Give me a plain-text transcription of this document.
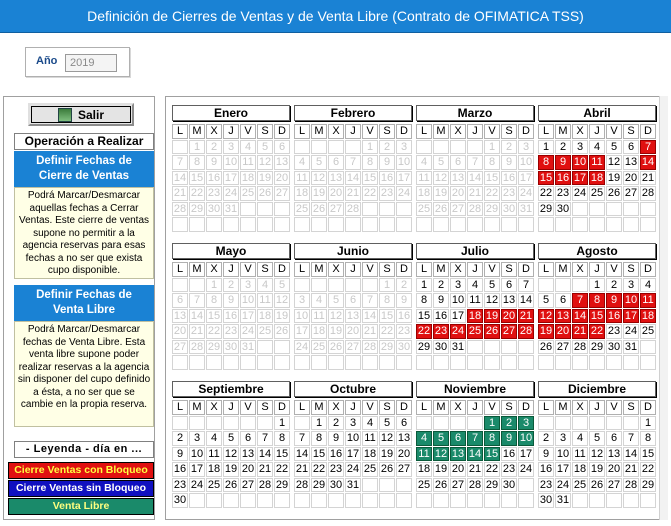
Definición de Cierres de Ventas y de Venta Libre (Contrato de OFIMATICA TSS)
Año	2019
Salir
Operación a Realizar
Definir Fechas de
Cierre de Ventas
Podrá Marcar/Desmarcar aquellas fechas a Cerrar Ventas. Este cierre de ventas supone no permitir a la agencia reservas para esas fechas a no ser que exista cupo disponible.
Definir Fechas de
Venta Libre
Podrá Marcar/Desmarcar fechas de Venta Libre. Esta venta libre supone poder realizar reservas a la agencia sin disponer del cupo definido a ésta, a no ser que se cambie en la propia reserva.
- Leyenda - día en ...
Cierre Ventas con Bloqueo
Cierre Ventas sin Bloqueo
Venta Libre
Enero
L M X J V S D
1 2 3 4 5 6
7 8 9 10 11 12 13
14 15 16 17 18 19 20
21 22 23 24 25 26 27
28 29 30 31
Febrero
L M X J V S D
1 2 3
4 5 6 7 8 9 10
11 12 13 14 15 16 17
18 19 20 21 22 23 24
25 26 27 28
Marzo
L M X J V S D
1 2 3
4 5 6 7 8 9 10
11 12 13 14 15 16 17
18 19 20 21 22 23 24
25 26 27 28 29 30 31
Abril
L M X J V S D
1 2 3 4 5 6 7
8 9 10 11 12 13 14
15 16 17 18 19 20 21
22 23 24 25 26 27 28
29 30
Mayo
L M X J V S D
1 2 3 4 5
6 7 8 9 10 11 12
13 14 15 16 17 18 19
20 21 22 23 24 25 26
27 28 29 30 31
Junio
L M X J V S D
1 2
3 4 5 6 7 8 9
10 11 12 13 14 15 16
17 18 19 20 21 22 23
24 25 26 27 28 29 30
Julio
L M X J V S D
1 2 3 4 5 6 7
8 9 10 11 12 13 14
15 16 17 18 19 20 21
22 23 24 25 26 27 28
29 30 31
Agosto
L M X J V S D
1 2 3 4
5 6 7 8 9 10 11
12 13 14 15 16 17 18
19 20 21 22 23 24 25
26 27 28 29 30 31
Septiembre
L M X J V S D
1
2 3 4 5 6 7 8
9 10 11 12 13 14 15
16 17 18 19 20 21 22
23 24 25 26 27 28 29
30
Octubre
L M X J V S D
1 2 3 4 5 6
7 8 9 10 11 12 13
14 15 16 17 18 19 20
21 22 23 24 25 26 27
28 29 30 31
Noviembre
L M X J V S D
1 2 3
4 5 6 7 8 9 10
11 12 13 14 15 16 17
18 19 20 21 22 23 24
25 26 27 28 29 30
Diciembre
L M X J V S D
1
2 3 4 5 6 7 8
9 10 11 12 13 14 15
16 17 18 19 20 21 22
23 24 25 26 27 28 29
30 31
